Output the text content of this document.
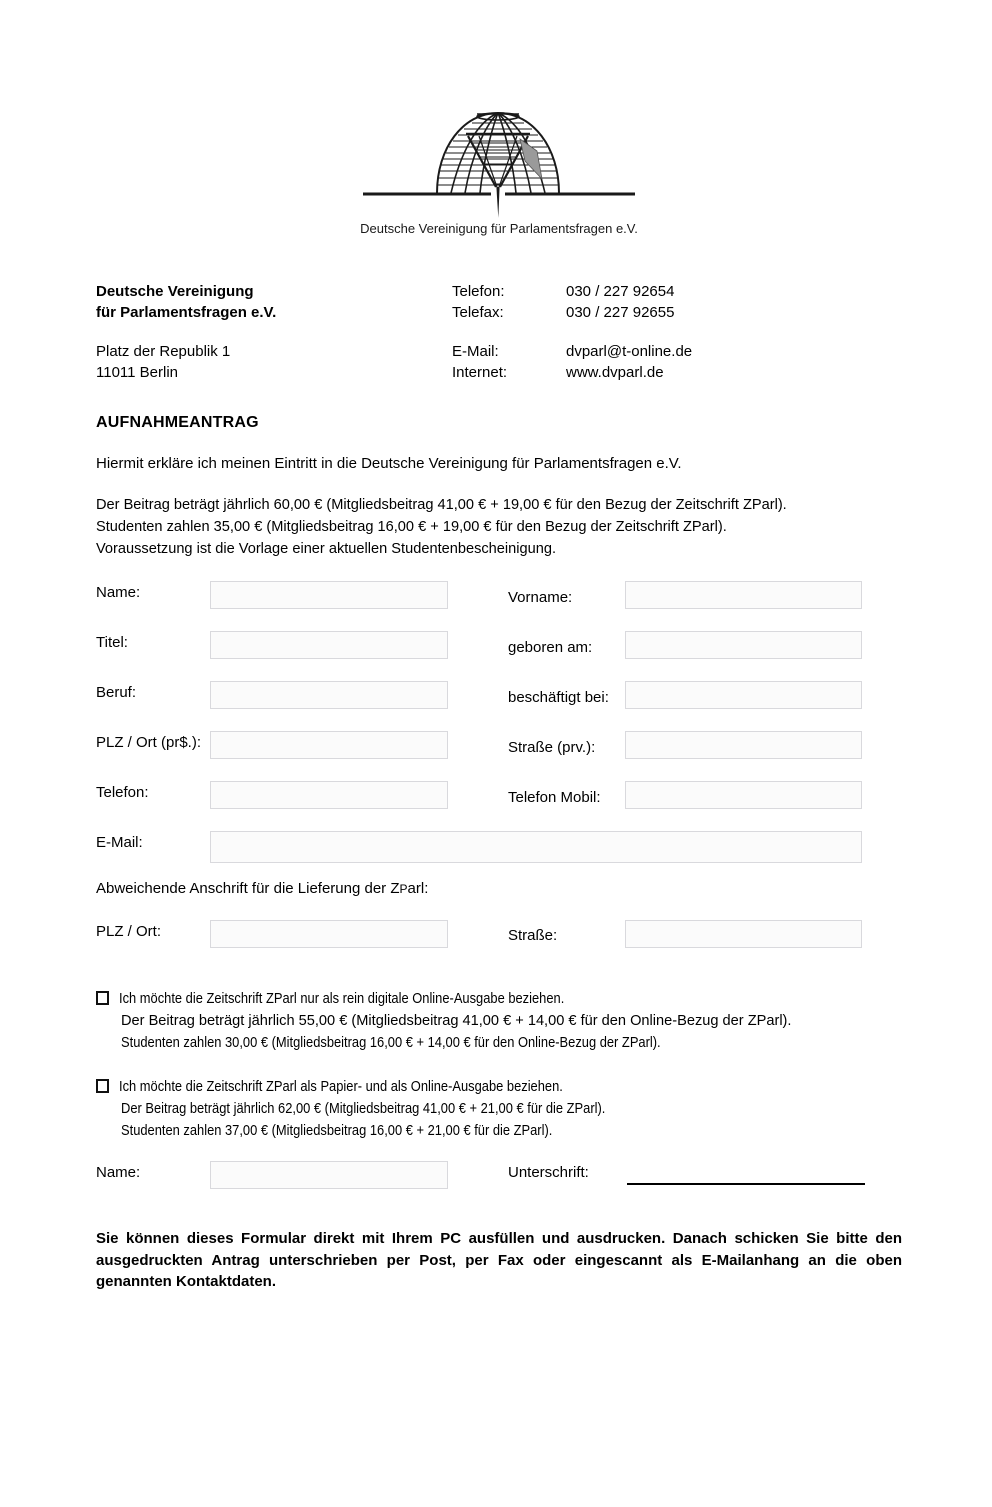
Deutsche Vereinigung für Parlamentsfragen e.V.
Deutsche Vereinigung	Telefon:	030 / 227 92654
für Parlamentsfragen e.V.	Telefax:	030 / 227 92655
Platz der Republik 1	E-Mail:	dvparl@t-online.de
11011 Berlin	Internet:	www.dvparl.de
AUFNAHMEANTRAG
Hiermit erkläre ich meinen Eintritt in die Deutsche Vereinigung für Parlamentsfragen e.V.
Der Beitrag beträgt jährlich 60,00 € (Mitgliedsbeitrag 41,00 € + 19,00 € für den Bezug der Zeitschrift ZParl).
Studenten zahlen 35,00 € (Mitgliedsbeitrag 16,00 € + 19,00 € für den Bezug der Zeitschrift ZParl).
Voraussetzung ist die Vorlage einer aktuellen Studentenbescheinigung.
Name:	Vorname:
Titel:	geboren am:
Beruf:	beschäftigt bei:
PLZ / Ort (pr$.):	Straße (prv.):
Telefon:	Telefon Mobil:
E-Mail:
Abweichende Anschrift für die Lieferung der ZParl:
PLZ / Ort:	Straße:
Ich möchte die Zeitschrift ZParl nur als rein digitale Online-Ausgabe beziehen.
Der Beitrag beträgt jährlich 55,00 € (Mitgliedsbeitrag 41,00 € + 14,00 € für den Online-Bezug der ZParl).
Studenten zahlen 30,00 € (Mitgliedsbeitrag 16,00 € + 14,00 € für den Online-Bezug der ZParl).
Ich möchte die Zeitschrift ZParl als Papier- und als Online-Ausgabe beziehen.
Der Beitrag beträgt jährlich 62,00 € (Mitgliedsbeitrag 41,00 € + 21,00 € für die ZParl).
Studenten zahlen 37,00 € (Mitgliedsbeitrag 16,00 € + 21,00 € für die ZParl).
Name:	Unterschrift:
Sie können dieses Formular direkt mit Ihrem PC ausfüllen und ausdrucken. Danach schicken Sie bitte den ausgedruckten Antrag unterschrieben per Post, per Fax oder eingescannt als E-Mailanhang an die oben genannten Kontaktdaten.
